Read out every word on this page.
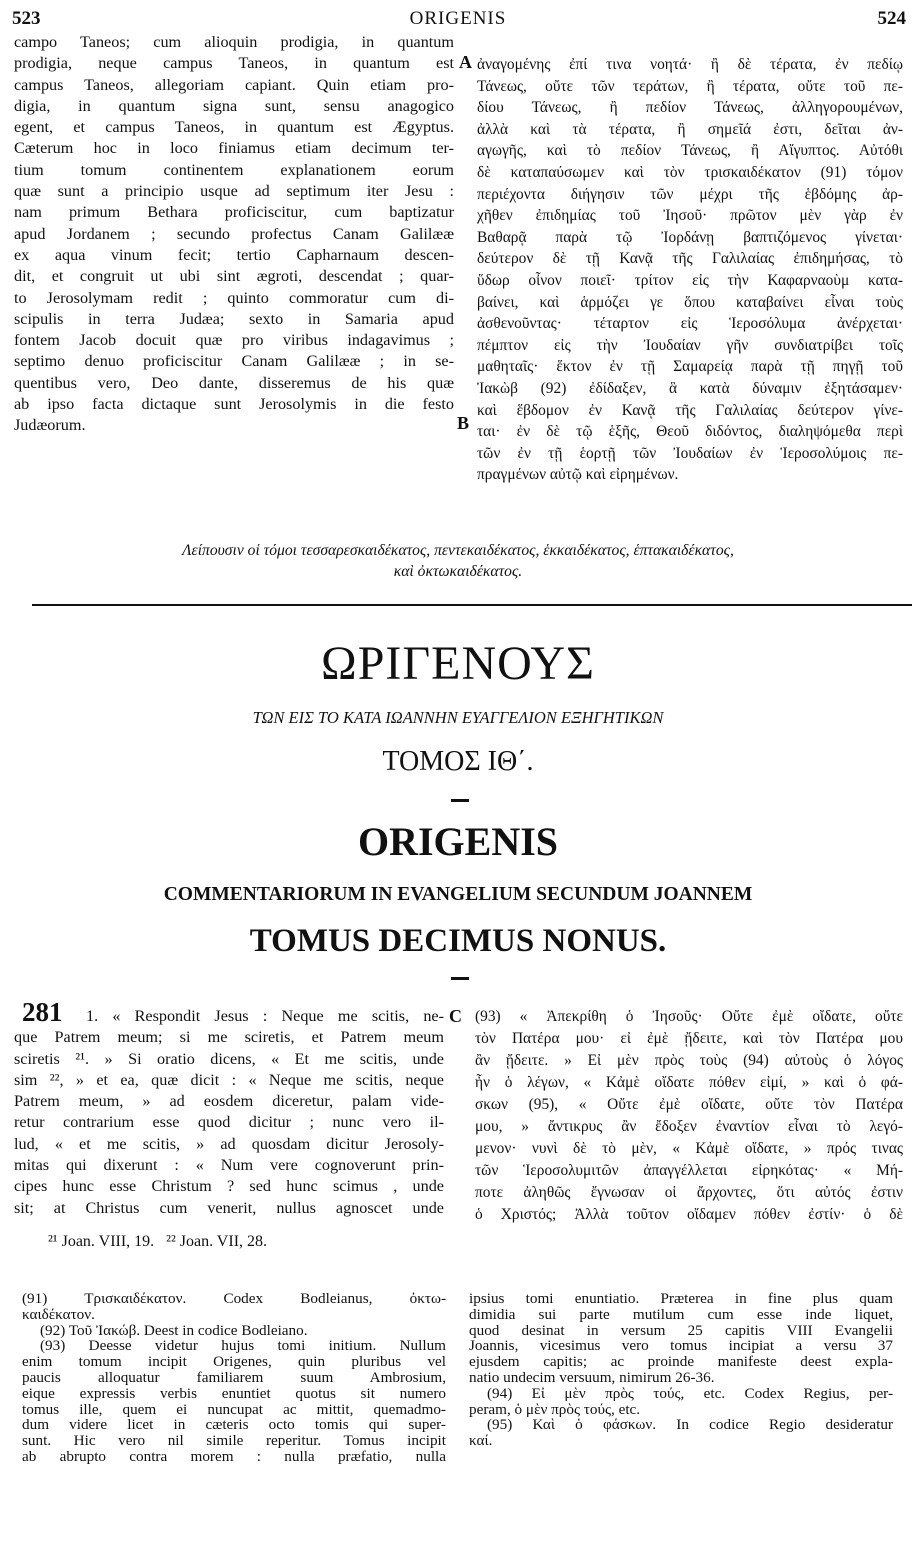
523	ORIGENIS	524
campo Taneos; cum alioquin prodigia, in quantum
prodigia, neque campus Taneos, in quantum est
campus Taneos, allegoriam capiant. Quin etiam pro-
digia, in quantum signa sunt, sensu anagogico
egent, et campus Taneos, in quantum est Ægyptus.
Cæterum hoc in loco finiamus etiam decimum ter-
tium tomum continentem explanationem eorum
quæ sunt a principio usque ad septimum iter Jesu :
nam primum Bethara proficiscitur, cum baptizatur
apud Jordanem ; secundo profectus Canam Galilææ
ex aqua vinum fecit; tertio Capharnaum descen-
dit, et congruit ut ubi sint ægroti, descendat ; quar-
to Jerosolymam redit ; quinto commoratur cum di-
scipulis in terra Judæa; sexto in Samaria apud
fontem Jacob docuit quæ pro viribus indagavimus ;
septimo denuo proficiscitur Canam Galilææ ; in se-
quentibus vero, Deo dante, disseremus de his quæ
ab ipso facta dictaque sunt Jerosolymis in die festo
Judæorum.
A
B
ἀναγομένης ἐπί τινα νοητά· ἢ δὲ τέρατα, ἐν πεδίῳ
Τάνεως, οὔτε τῶν τεράτων, ἢ τέρατα, οὔτε τοῦ πε-
δίου Τάνεως, ἢ πεδίον Τάνεως, ἀλληγορουμένων,
ἀλλὰ καὶ τὰ τέρατα, ἢ σημεῖά ἐστι, δεῖται ἀν-
αγωγῆς, καὶ τὸ πεδίον Τάνεως, ἢ Αἴγυπτος. Αὐτόθι
δὲ καταπαύσωμεν καὶ τὸν τρισκαιδέκατον (91) τόμον
περιέχοντα διήγησιν τῶν μέχρι τῆς ἑβδόμης ἀρ-
χῆθεν ἐπιδημίας τοῦ Ἰησοῦ· πρῶτον μὲν γὰρ ἐν
Βαθαρᾷ παρὰ τῷ Ἰορδάνῃ βαπτιζόμενος γίνεται·
δεύτερον δὲ τῇ Κανᾷ τῆς Γαλιλαίας ἐπιδημήσας, τὸ
ὕδωρ οἶνον ποιεῖ· τρίτον εἰς τὴν Καφαρναοὺμ κατα-
βαίνει, καὶ ἁρμόζει γε ὅπου καταβαίνει εἶναι τοὺς
ἀσθενοῦντας· τέταρτον εἰς Ἱεροσόλυμα ἀνέρχεται·
πέμπτον εἰς τὴν Ἰουδαίαν γῆν συνδιατρίβει τοῖς
μαθηταῖς· ἕκτον ἐν τῇ Σαμαρείᾳ παρὰ τῇ πηγῇ τοῦ
Ἰακὼβ (92) ἐδίδαξεν, ἃ κατὰ δύναμιν ἐξητάσαμεν·
καὶ ἕβδομον ἐν Κανᾷ τῆς Γαλιλαίας δεύτερον γίνε-
ται· ἐν δὲ τῷ ἑξῆς, Θεοῦ διδόντος, διαληψόμεθα περὶ
τῶν ἐν τῇ ἑορτῇ τῶν Ἰουδαίων ἐν Ἱεροσολύμοις πε-
πραγμένων αὐτῷ καὶ εἰρημένων.
Λείπουσιν οἱ τόμοι τεσσαρεσκαιδέκατος, πεντεκαιδέκατος, ἑκκαιδέκατος, ἑπτακαιδέκατος,
καὶ ὀκτωκαιδέκατος.
ΩΡΙΓΕΝΟΥΣ
ΤΩΝ ΕΙΣ ΤΟ ΚΑΤΑ ΙΩΑΝΝΗΝ ΕΥΑΓΓΕΛΙΟΝ ΕΞΗΓΗΤΙΚΩΝ
ΤΟΜΟΣ ΙΘ΄.
ORIGENIS
COMMENTARIORUM IN EVANGELIUM SECUNDUM JOANNEM
TOMUS DECIMUS NONUS.
281	C
1. « Respondit Jesus : Neque me scitis, ne-
que Patrem meum; si me sciretis, et Patrem meum
sciretis ²¹. » Si oratio dicens, « Et me scitis, unde
sim ²², » et ea, quæ dicit : « Neque me scitis, neque
Patrem meum, » ad eosdem diceretur, palam vide-
retur contrarium esse quod dicitur ; nunc vero il-
lud, « et me scitis, » ad quosdam dicitur Jerosoly-
mitas qui dixerunt : « Num vere cognoverunt prin-
cipes hunc esse Christum ? sed hunc scimus , unde
sit; at Christus cum venerit, nullus agnoscet unde
²¹ Joan. VIII, 19.   ²² Joan. VII, 28.
(93) « Ἀπεκρίθη ὁ Ἰησοῦς· Οὔτε ἐμὲ οἴδατε, οὔτε
τὸν Πατέρα μου· εἰ ἐμὲ ᾔδειτε, καὶ τὸν Πατέρα μου
ἂν ᾔδειτε. » Εἰ μὲν πρὸς τοὺς (94) αὐτοὺς ὁ λόγος
ἦν ὁ λέγων, « Κἀμὲ οἴδατε πόθεν εἰμί, » καὶ ὁ φά-
σκων (95), « Οὔτε ἐμὲ οἴδατε, οὔτε τὸν Πατέρα
μου, » ἄντικρυς ἂν ἔδοξεν ἐναντίον εἶναι τὸ λεγό-
μενον· νυνὶ δὲ τὸ μὲν, « Κἀμὲ οἴδατε, » πρός τινας
τῶν Ἱεροσολυμιτῶν ἀπαγγέλλεται εἰρηκότας· « Μή-
ποτε ἀληθῶς ἔγνωσαν οἱ ἄρχοντες, ὅτι αὐτός ἐστιν
ὁ Χριστός; Ἀλλὰ τοῦτον οἴδαμεν πόθεν ἐστίν· ὁ δὲ
(91) Τρισκαιδέκατον. Codex Bodleianus, ὀκτω-
καιδέκατον.
(92) Τοῦ Ἰακώβ. Deest in codice Bodleiano.
(93) Deesse videtur hujus tomi initium. Nullum
enim tomum incipit Origenes, quin pluribus vel
paucis alloquatur familiarem suum Ambrosium,
eique expressis verbis enuntiet quotus sit numero
tomus ille, quem ei nuncupat ac mittit, quemadmo-
dum videre licet in cæteris octo tomis qui super-
sunt. Hic vero nil simile reperitur. Tomus incipit
ab abrupto contra morem : nulla præfatio, nulla
ipsius tomi enuntiatio. Præterea in fine plus quam
dimidia sui parte mutilum cum esse inde liquet,
quod desinat in versum 25 capitis VIII Evangelii
Joannis, vicesimus vero tomus incipiat a versu 37
ejusdem capitis; ac proinde manifeste deest expla-
natio undecim versuum, nimirum 26-36.
(94) Εἰ μὲν πρὸς τούς, etc. Codex Regius, per-
peram, ὁ μὲν πρὸς τούς, etc.
(95) Καὶ ὁ φάσκων. In codice Regio desideratur
καί.
